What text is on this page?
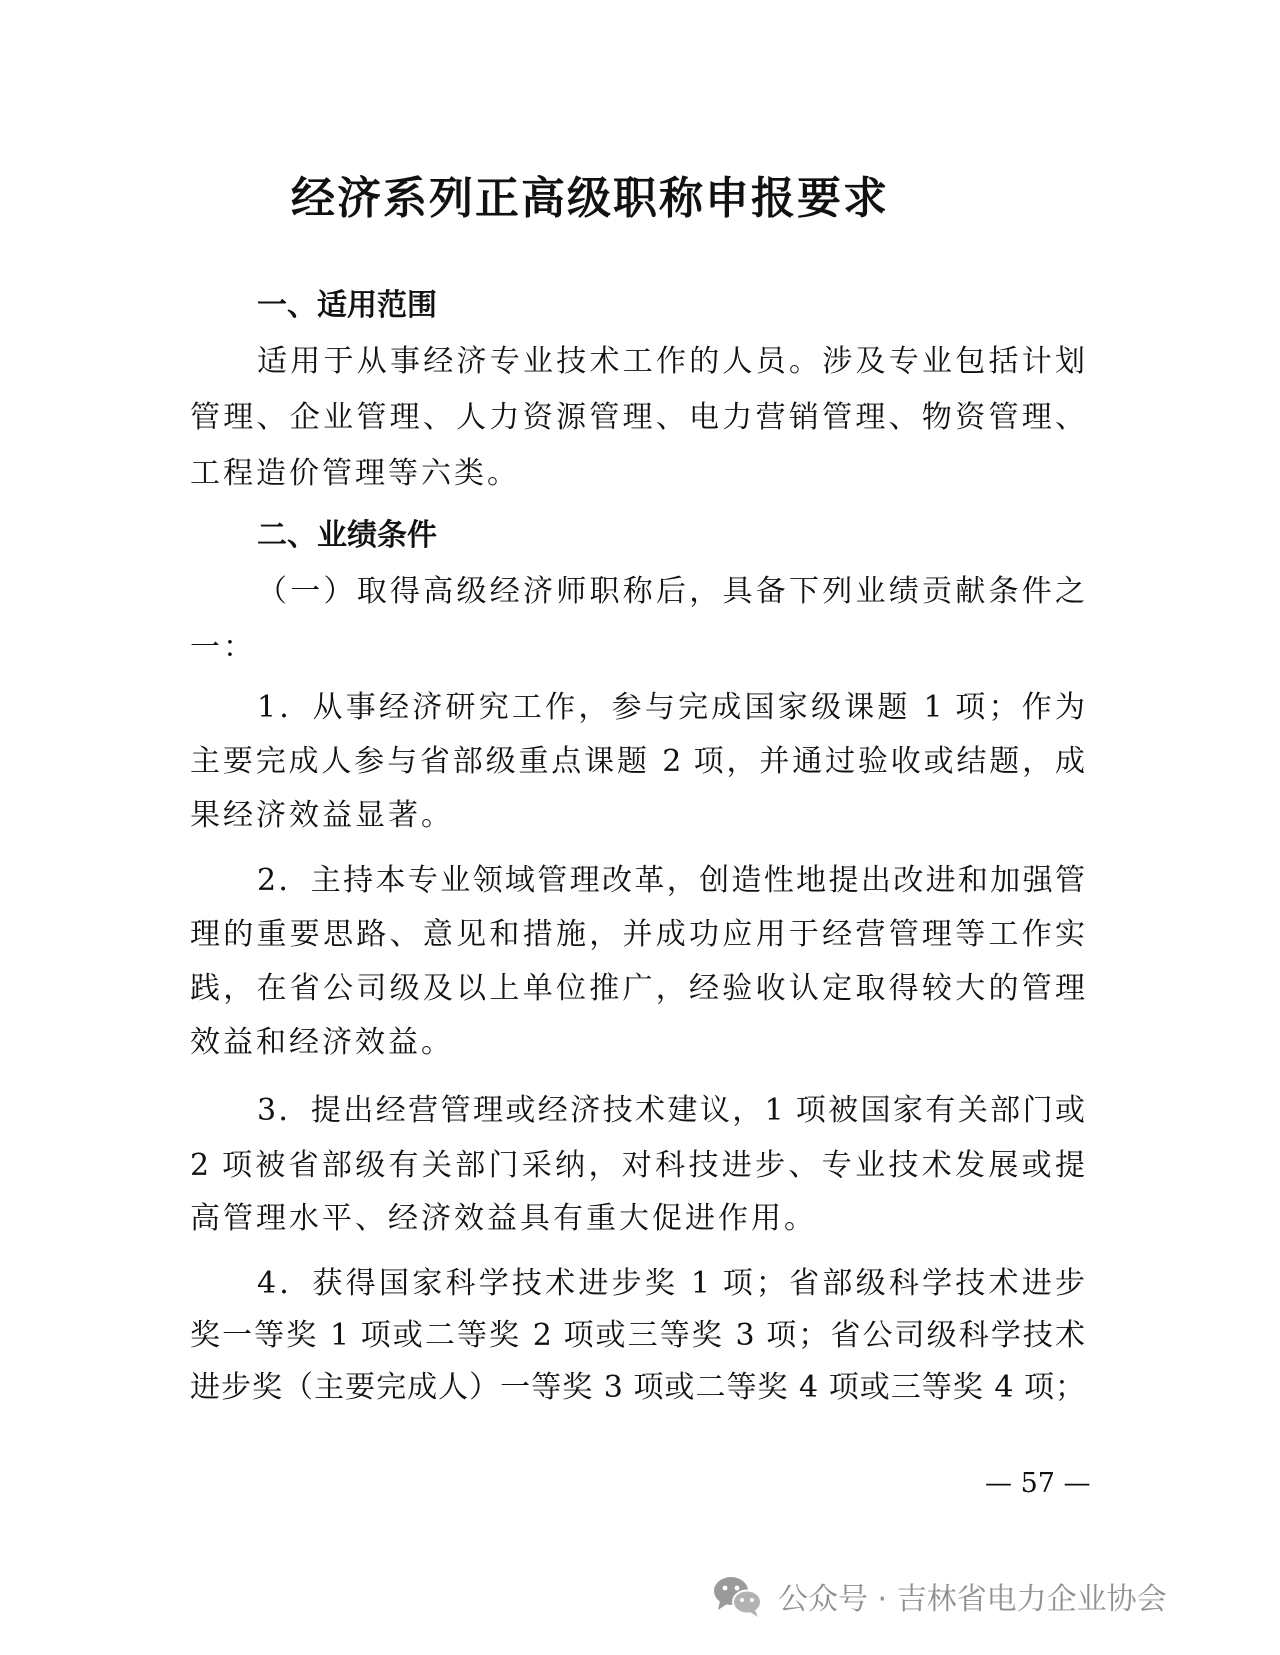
经济系列正高级职称申报要求
一、适用范围
适用于从事经济专业技术工作的人员。涉及专业包括计划
管理、企业管理、人力资源管理、电力营销管理、物资管理、
工程造价管理等六类。
二、业绩条件
（一）取得高级经济师职称后，具备下列业绩贡献条件之
一：
1．从事经济研究工作，参与完成国家级课题 1 项；作为
主要完成人参与省部级重点课题 2 项，并通过验收或结题，成
果经济效益显著。
2．主持本专业领域管理改革，创造性地提出改进和加强管
理的重要思路、意见和措施，并成功应用于经营管理等工作实
践，在省公司级及以上单位推广，经验收认定取得较大的管理
效益和经济效益。
3．提出经营管理或经济技术建议，1 项被国家有关部门或
2 项被省部级有关部门采纳，对科技进步、专业技术发展或提
高管理水平、经济效益具有重大促进作用。
4．获得国家科学技术进步奖 1 项；省部级科学技术进步
奖一等奖 1 项或二等奖 2 项或三等奖 3 项；省公司级科学技术
进步奖（主要完成人）一等奖 3 项或二等奖 4 项或三等奖 4 项；
— 57 —
公众号 · 吉林省电力企业协会
